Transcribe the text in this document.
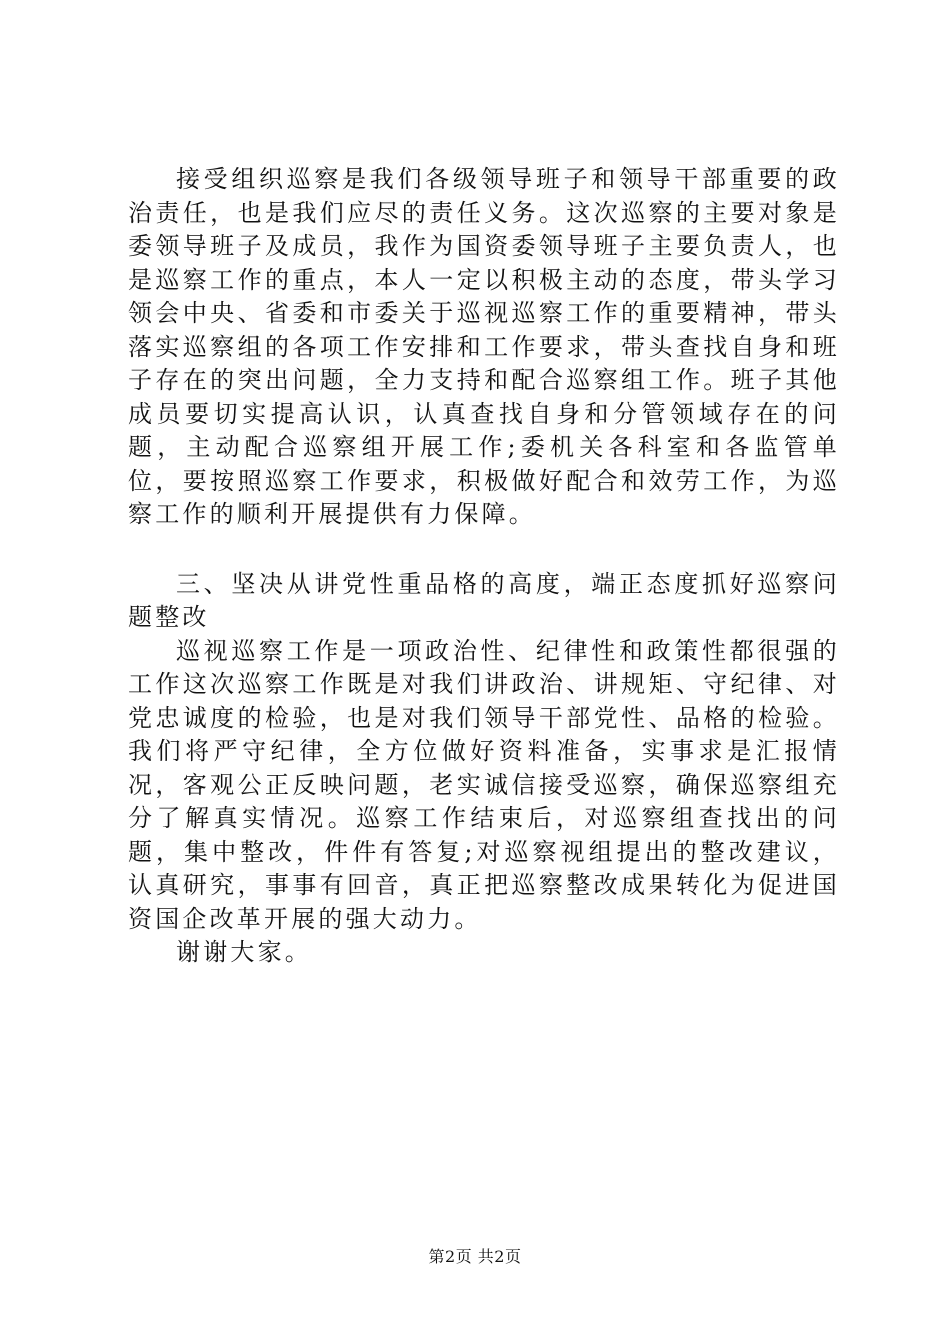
接受组织巡察是我们各级领导班子和领导干部重要的政治责任，也是我们应尽的责任义务。这次巡察的主要对象是委领导班子及成员，我作为国资委领导班子主要负责人，也是巡察工作的重点，本人一定以积极主动的态度，带头学习领会中央、省委和市委关于巡视巡察工作的重要精神，带头落实巡察组的各项工作安排和工作要求，带头查找自身和班子存在的突出问题，全力支持和配合巡察组工作。班子其他成员要切实提高认识，认真查找自身和分管领域存在的问题，主动配合巡察组开展工作;委机关各科室和各监管单位，要按照巡察工作要求，积极做好配合和效劳工作，为巡察工作的顺利开展提供有力保障。

三、坚决从讲党性重品格的高度，端正态度抓好巡察问题整改

巡视巡察工作是一项政治性、纪律性和政策性都很强的工作这次巡察工作既是对我们讲政治、讲规矩、守纪律、对党忠诚度的检验，也是对我们领导干部党性、品格的检验。我们将严守纪律，全方位做好资料准备，实事求是汇报情况，客观公正反映问题，老实诚信接受巡察，确保巡察组充分了解真实情况。巡察工作结束后，对巡察组查找出的问题，集中整改，件件有答复;对巡察视组提出的整改建议，认真研究，事事有回音，真正把巡察整改成果转化为促进国资国企改革开展的强大动力。

谢谢大家。

第2页 共2页
